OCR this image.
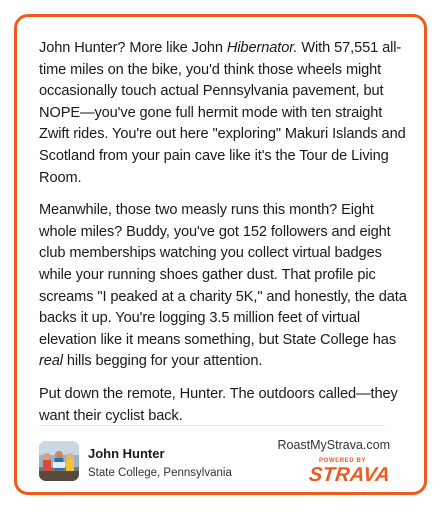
John Hunter? More like John Hibernator. With 57,551 all-time miles on the bike, you'd think those wheels might occasionally touch actual Pennsylvania pavement, but NOPE—you've gone full hermit mode with ten straight Zwift rides. You're out here "exploring" Makuri Islands and Scotland from your pain cave like it's the Tour de Living Room.

Meanwhile, those two measly runs this month? Eight whole miles? Buddy, you've got 152 followers and eight club memberships watching you collect virtual badges while your running shoes gather dust. That profile pic screams "I peaked at a charity 5K," and honestly, the data backs it up. You're logging 3.5 million feet of virtual elevation like it means something, but State College has real hills begging for your attention.

Put down the remote, Hunter. The outdoors called—they want their cyclist back.

John Hunter
State College, Pennsylvania
RoastMyStrava.com
POWERED BY
STRAVA
